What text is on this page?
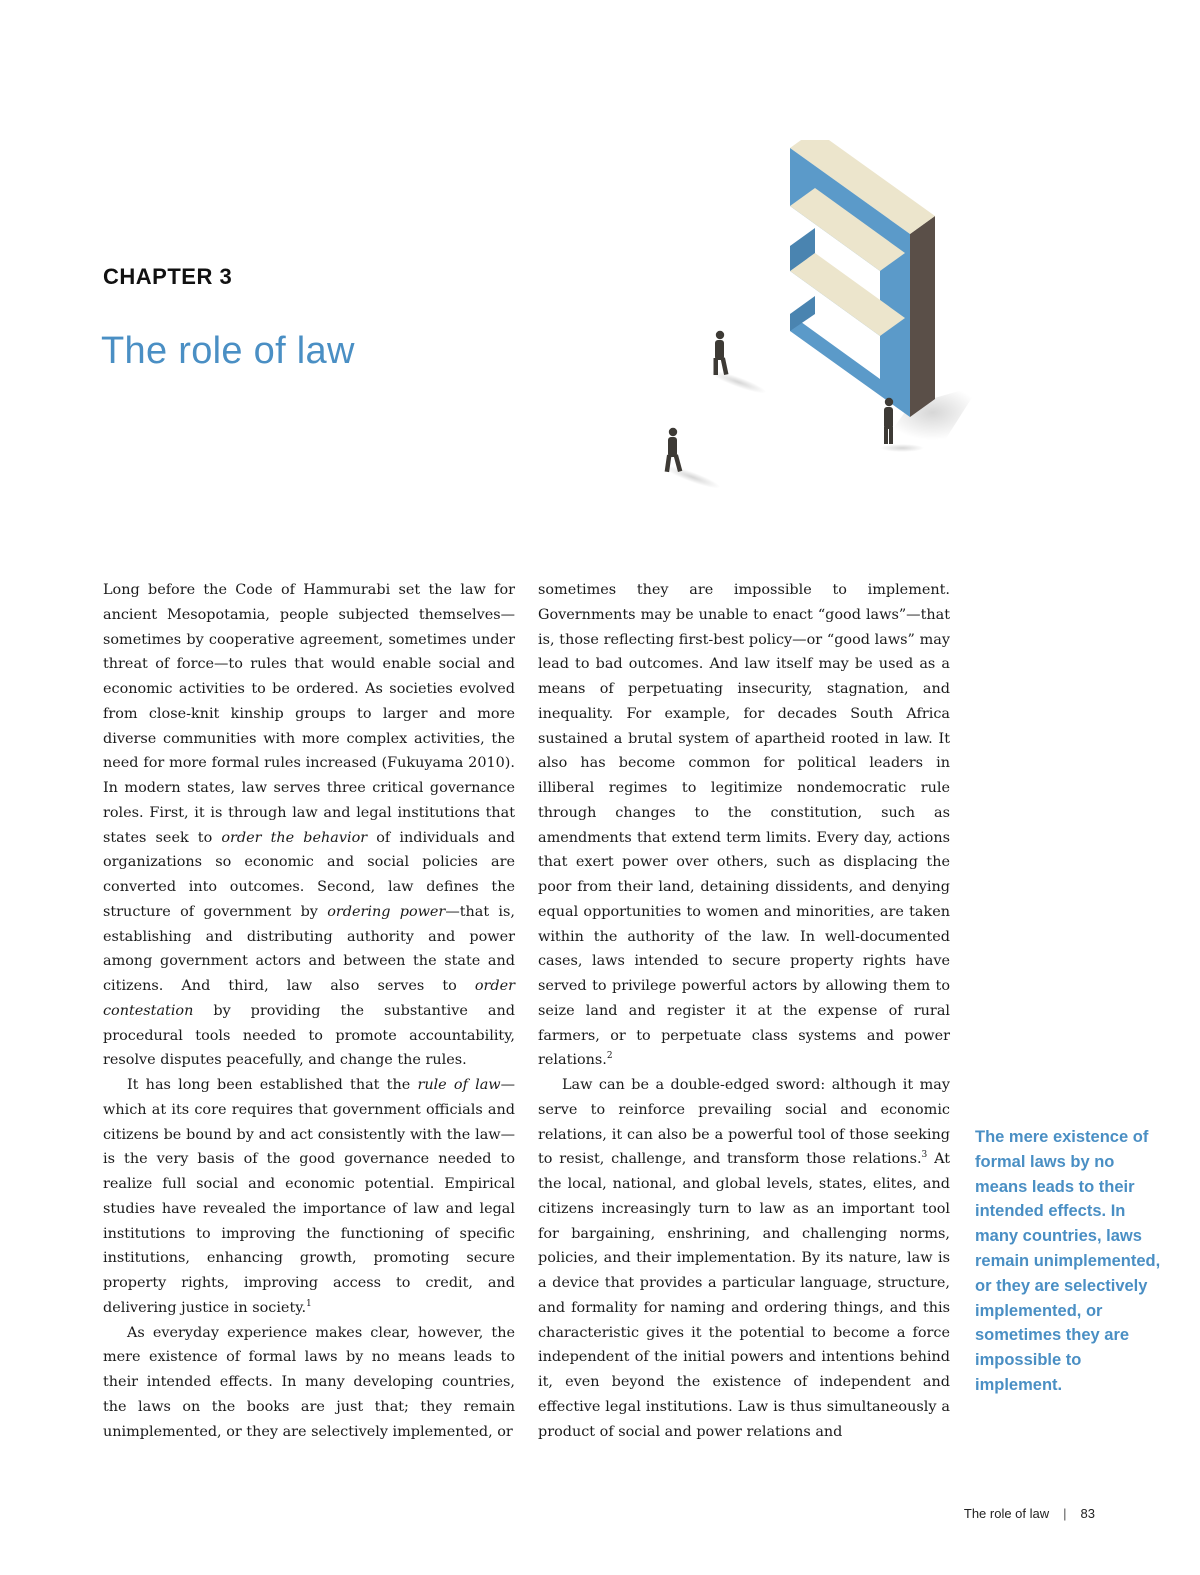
CHAPTER 3
The role of law

Long before the Code of Hammurabi set the law for ancient Mesopotamia, people subjected themselves—sometimes by cooperative agreement, sometimes under threat of force—to rules that would enable social and economic activities to be ordered. As societies evolved from close-knit kinship groups to larger and more diverse communities with more complex activities, the need for more formal rules increased (Fukuyama 2010). In modern states, law serves three critical governance roles. First, it is through law and legal institutions that states seek to order the behavior of individuals and organizations so economic and social policies are converted into outcomes. Second, law defines the structure of government by ordering power—that is, establishing and distributing authority and power among government actors and between the state and citizens. And third, law also serves to order contestation by providing the substantive and procedural tools needed to promote accountability, resolve disputes peacefully, and change the rules.

It has long been established that the rule of law—which at its core requires that government officials and citizens be bound by and act consistently with the law—is the very basis of the good governance needed to realize full social and economic potential. Empirical studies have revealed the importance of law and legal institutions to improving the functioning of specific institutions, enhancing growth, promoting secure property rights, improving access to credit, and delivering justice in society.$^1$

As everyday experience makes clear, however, the mere existence of formal laws by no means leads to their intended effects. In many developing countries, the laws on the books are just that; they remain unimplemented, or they are selectively implemented, or

sometimes they are impossible to implement. Governments may be unable to enact “good laws”—that is, those reflecting first-best policy—or “good laws” may lead to bad outcomes. And law itself may be used as a means of perpetuating insecurity, stagnation, and inequality. For example, for decades South Africa sustained a brutal system of apartheid rooted in law. It also has become common for political leaders in illiberal regimes to legitimize nondemocratic rule through changes to the constitution, such as amendments that extend term limits. Every day, actions that exert power over others, such as displacing the poor from their land, detaining dissidents, and denying equal opportunities to women and minorities, are taken within the authority of the law. In well-documented cases, laws intended to secure property rights have served to privilege powerful actors by allowing them to seize land and register it at the expense of rural farmers, or to perpetuate class systems and power relations.$^2$

Law can be a double-edged sword: although it may serve to reinforce prevailing social and economic relations, it can also be a powerful tool of those seeking to resist, challenge, and transform those relations.$^3$ At the local, national, and global levels, states, elites, and citizens increasingly turn to law as an important tool for bargaining, enshrining, and challenging norms, policies, and their implementation. By its nature, law is a device that provides a particular language, structure, and formality for naming and ordering things, and this characteristic gives it the potential to become a force independent of the initial powers and intentions behind it, even beyond the existence of independent and effective legal institutions. Law is thus simultaneously a product of social and power relations and

The mere existence of formal laws by no means leads to their intended effects. In many countries, laws remain unimplemented, or they are selectively implemented, or sometimes they are impossible to implement.
The role of law | 83
